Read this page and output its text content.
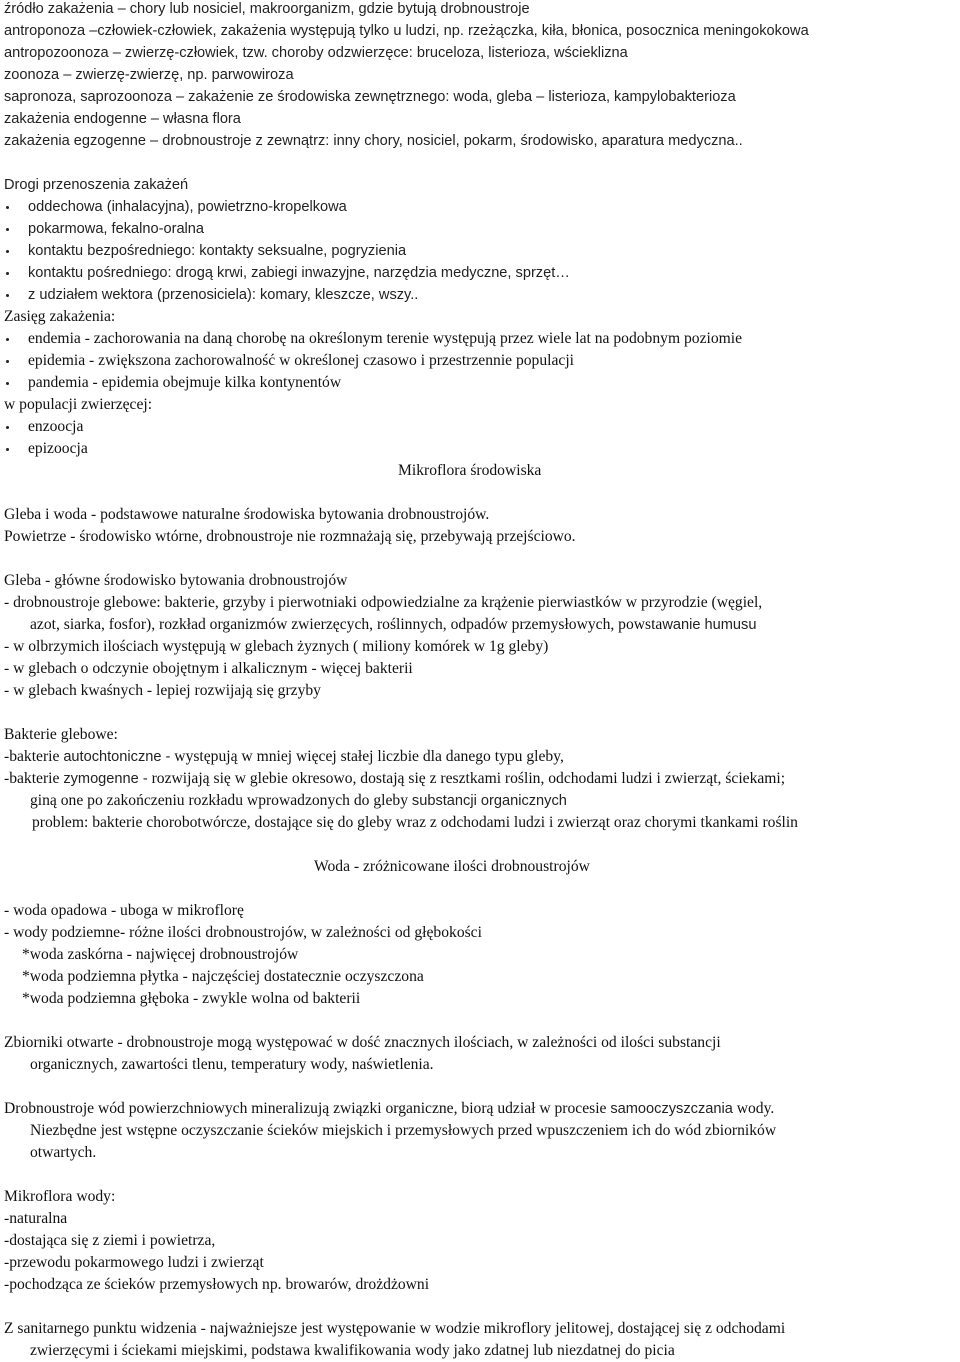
źródło zakażenia – chory lub nosiciel, makroorganizm, gdzie bytują drobnoustroje
antroponoza –człowiek-człowiek, zakażenia występują tylko u ludzi, np. rzeżączka, kiła, błonica, posocznica meningokokowa
antropozoonoza – zwierzę-człowiek, tzw. choroby odzwierzęce: bruceloza, listerioza, wścieklizna
zoonoza – zwierzę-zwierzę, np. parwowiroza
sapronoza, saprozoonoza – zakażenie ze środowiska zewnętrznego: woda, gleba – listerioza, kampylobakterioza
zakażenia endogenne – własna flora
zakażenia egzogenne – drobnoustroje z zewnątrz: inny chory, nosiciel, pokarm, środowisko, aparatura medyczna..
Drogi przenoszenia zakażeń
oddechowa (inhalacyjna), powietrzno-kropelkowa
pokarmowa, fekalno-oralna
kontaktu bezpośredniego: kontakty seksualne, pogryzienia
kontaktu pośredniego: drogą krwi, zabiegi inwazyjne, narzędzia medyczne, sprzęt…
z udziałem wektora (przenosiciela): komary, kleszcze, wszy..
Zasięg zakażenia:
endemia - zachorowania na daną chorobę na określonym terenie występują przez wiele lat na podobnym poziomie
epidemia - zwiększona zachorowalność w określonej czasowo i przestrzennie populacji
pandemia - epidemia obejmuje kilka kontynentów
w populacji zwierzęcej:
enzoocja
epizoocja
Mikroflora środowiska
Gleba i woda - podstawowe naturalne środowiska bytowania drobnoustrojów.
Powietrze - środowisko wtórne, drobnoustroje nie rozmnażają się, przebywają przejściowo.
Gleba - główne środowisko bytowania drobnoustrojów
- drobnoustroje glebowe: bakterie, grzyby i pierwotniaki odpowiedzialne za krążenie pierwiastków w przyrodzie (węgiel,
azot, siarka, fosfor), rozkład organizmów zwierzęcych, roślinnych, odpadów przemysłowych, powstawanie humusu
- w olbrzymich ilościach występują w glebach żyznych ( miliony komórek w 1g gleby)
- w glebach o odczynie obojętnym i alkalicznym - więcej bakterii
- w glebach kwaśnych - lepiej rozwijają się grzyby
Bakterie glebowe:
-bakterie autochtoniczne - występują w mniej więcej stałej liczbie dla danego typu gleby,
-bakterie zymogenne - rozwijają się w glebie okresowo, dostają się z resztkami roślin, odchodami ludzi i zwierząt, ściekami;
giną one po zakończeniu rozkładu wprowadzonych do gleby substancji organicznych
problem: bakterie chorobotwórcze, dostające się do gleby wraz z odchodami ludzi i zwierząt oraz chorymi tkankami roślin
Woda - zróżnicowane ilości drobnoustrojów
- woda opadowa - uboga w mikroflorę
- wody podziemne- różne ilości drobnoustrojów, w zależności od głębokości
*woda zaskórna - najwięcej drobnoustrojów
*woda podziemna płytka - najczęściej dostatecznie oczyszczona
*woda podziemna głęboka - zwykle wolna od bakterii
Zbiorniki otwarte - drobnoustroje mogą występować w dość znacznych ilościach, w zależności od ilości substancji
organicznych, zawartości tlenu, temperatury wody, naświetlenia.
Drobnoustroje wód powierzchniowych mineralizują związki organiczne, biorą udział w procesie samooczyszczania wody.
Niezbędne jest wstępne oczyszczanie ścieków miejskich i przemysłowych przed wpuszczeniem ich do wód zbiorników
otwartych.
Mikroflora wody:
-naturalna
-dostająca się z ziemi i powietrza,
-przewodu pokarmowego ludzi i zwierząt
-pochodząca ze ścieków przemysłowych np. browarów, drożdżowni
Z sanitarnego punktu widzenia - najważniejsze jest występowanie w wodzie mikroflory jelitowej, dostającej się z odchodami
zwierzęcymi i ściekami miejskimi, podstawa kwalifikowania wody jako zdatnej lub niezdatnej do picia
